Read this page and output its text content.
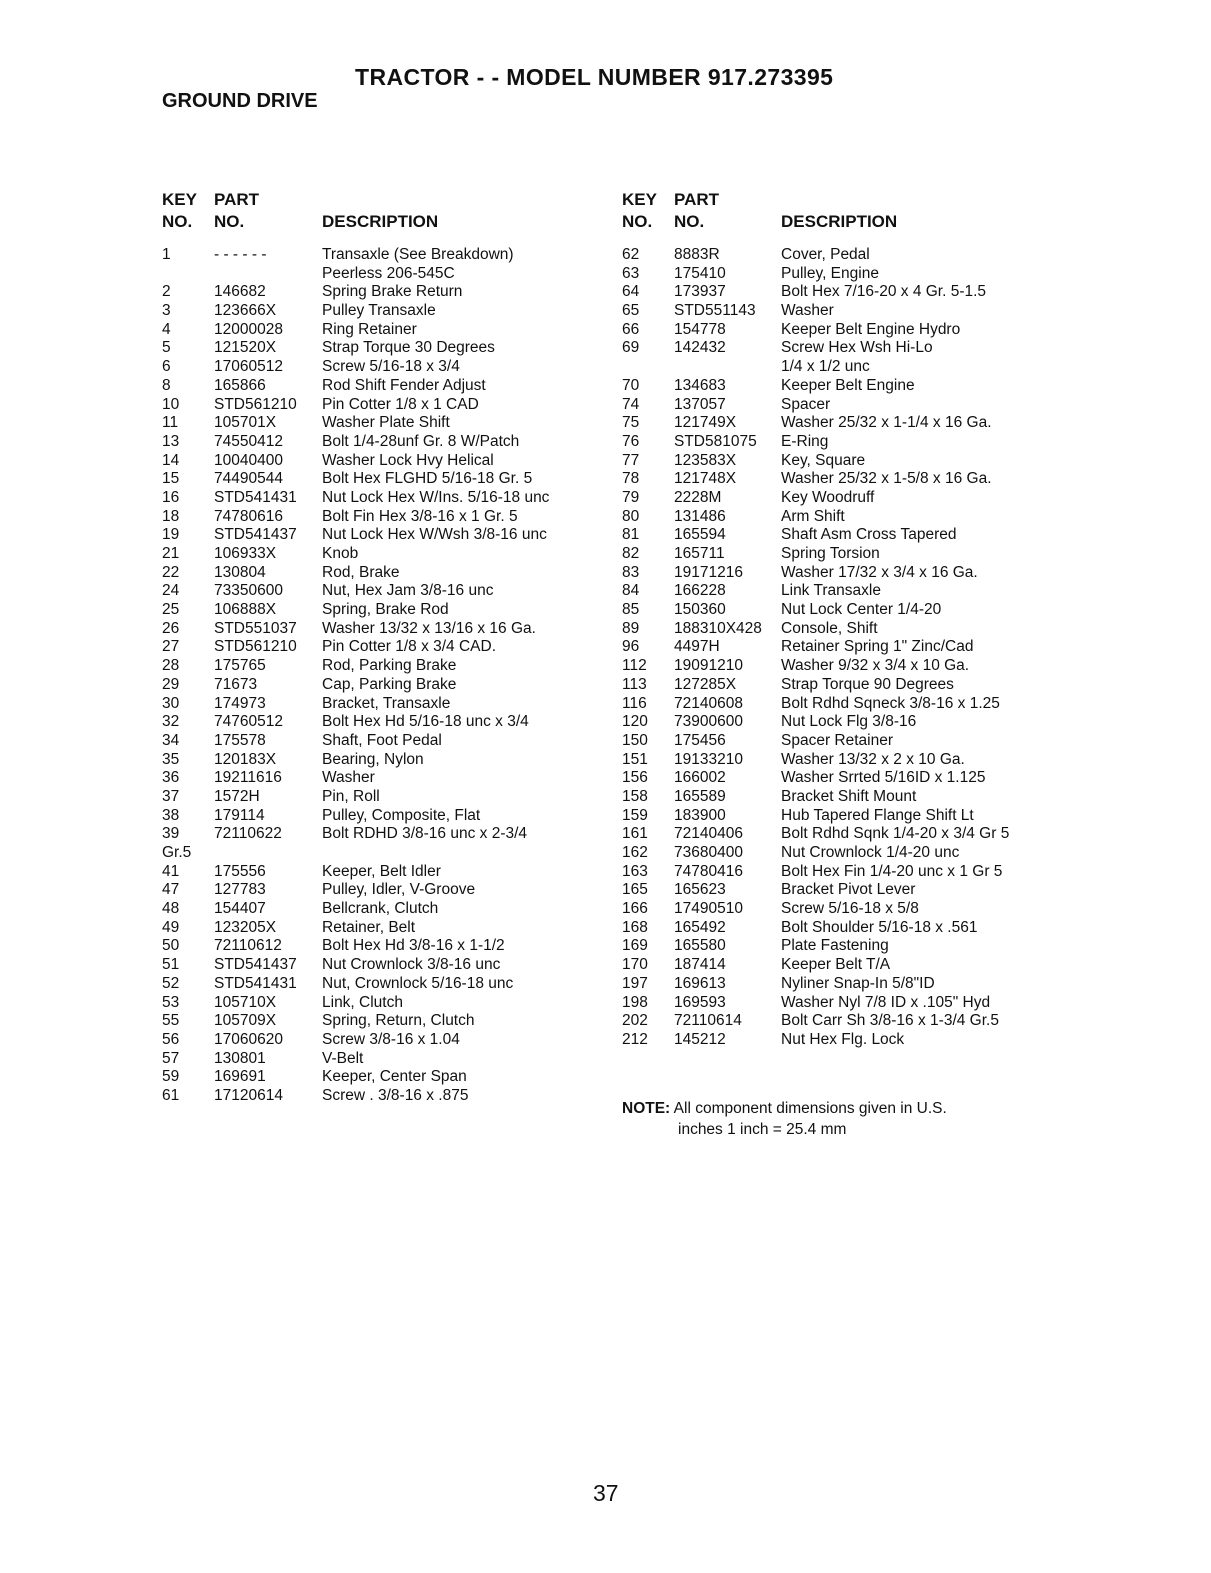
TRACTOR - - MODEL NUMBER 917.273395
GROUND DRIVE
KEY PART
NO. NO.	DESCRIPTION
1	- - - - - -	Transaxle (See Breakdown)
Peerless 206-545C
2	146682	Spring Brake Return
3	123666X	Pulley Transaxle
4	12000028	Ring Retainer
5	121520X	Strap Torque 30 Degrees
6	17060512	Screw 5/16-18 x 3/4
8	165866	Rod Shift Fender Adjust
10 STD561210 Pin Cotter 1/8 x 1 CAD
11 105701X	Washer Plate Shift
13 74550412	Bolt 1/4-28unf Gr. 8 W/Patch
14 10040400	Washer Lock Hvy Helical
15 74490544	Bolt Hex FLGHD 5/16-18 Gr. 5
16 STD541431 Nut Lock Hex W/Ins. 5/16-18 unc
18 74780616	Bolt Fin Hex 3/8-16 x 1 Gr. 5
19 STD541437 Nut Lock Hex W/Wsh 3/8-16 unc
21 106933X	Knob
22 130804	Rod, Brake
24 73350600	Nut, Hex Jam 3/8-16 unc
25 106888X	Spring, Brake Rod
26 STD551037 Washer 13/32 x 13/16 x 16 Ga.
27 STD561210 Pin Cotter 1/8 x 3/4 CAD.
28 175765	Rod, Parking Brake
29 71673	Cap, Parking Brake
30 174973	Bracket, Transaxle
32 74760512	Bolt Hex Hd 5/16-18 unc x 3/4
34 175578	Shaft, Foot Pedal
35 120183X	Bearing, Nylon
36 19211616	Washer
37 1572H	Pin, Roll
38 179114	Pulley, Composite, Flat
39 72110622	Bolt RDHD 3/8-16 unc x 2-3/4
Gr.5
41 175556	Keeper, Belt Idler
47 127783	Pulley, Idler, V-Groove
48 154407	Bellcrank, Clutch
49 123205X	Retainer, Belt
50 72110612	Bolt Hex Hd 3/8-16 x 1-1/2
51 STD541437 Nut Crownlock 3/8-16 unc
52 STD541431 Nut, Crownlock 5/16-18 unc
53 105710X	Link, Clutch
55 105709X	Spring, Return, Clutch
56 17060620	Screw 3/8-16 x 1.04
57 130801	V-Belt
59 169691	Keeper, Center Span
61 17120614	Screw . 3/8-16 x .875
KEY PART
NO. NO.	DESCRIPTION
62 8883R	Cover, Pedal
63 175410	Pulley, Engine
64 173937	Bolt Hex 7/16-20 x 4 Gr. 5-1.5
65 STD551143 Washer
66 154778	Keeper Belt Engine Hydro
69 142432	Screw Hex Wsh Hi-Lo
1/4 x 1/2 unc
70 134683	Keeper Belt Engine
74 137057	Spacer
75 121749X	Washer 25/32 x 1-1/4 x 16 Ga.
76 STD581075 E-Ring
77 123583X	Key, Square
78 121748X	Washer 25/32 x 1-5/8 x 16 Ga.
79 2228M	Key Woodruff
80 131486	Arm Shift
81 165594	Shaft Asm Cross Tapered
82 165711	Spring Torsion
83 19171216 Washer 17/32 x 3/4 x 16 Ga.
84 166228	Link Transaxle
85 150360	Nut Lock Center 1/4-20
89 188310X428 Console, Shift
96 4497H	Retainer Spring 1" Zinc/Cad
112 19091210 Washer 9/32 x 3/4 x 10 Ga.
113 127285X	Strap Torque 90 Degrees
116 72140608 Bolt Rdhd Sqneck 3/8-16 x 1.25
120 73900600 Nut Lock Flg 3/8-16
150 175456	Spacer Retainer
151 19133210 Washer 13/32 x 2 x 10 Ga.
156 166002	Washer Srrted 5/16ID x 1.125
158 165589	Bracket Shift Mount
159 183900	Hub Tapered Flange Shift Lt
161 72140406 Bolt Rdhd Sqnk 1/4-20 x 3/4 Gr 5
162 73680400 Nut Crownlock 1/4-20 unc
163 74780416 Bolt Hex Fin 1/4-20 unc x 1 Gr 5
165 165623	Bracket Pivot Lever
166 17490510 Screw 5/16-18 x 5/8
168 165492	Bolt Shoulder 5/16-18 x .561
169 165580	Plate Fastening
170 187414	Keeper Belt T/A
197 169613	Nyliner Snap-In 5/8"ID
198 169593	Washer Nyl 7/8 ID x .105" Hyd
202 72110614	Bolt Carr Sh 3/8-16 x 1-3/4 Gr.5
212 145212	Nut Hex Flg. Lock
NOTE: All component dimensions given in U.S.
inches 1 inch = 25.4 mm
37
